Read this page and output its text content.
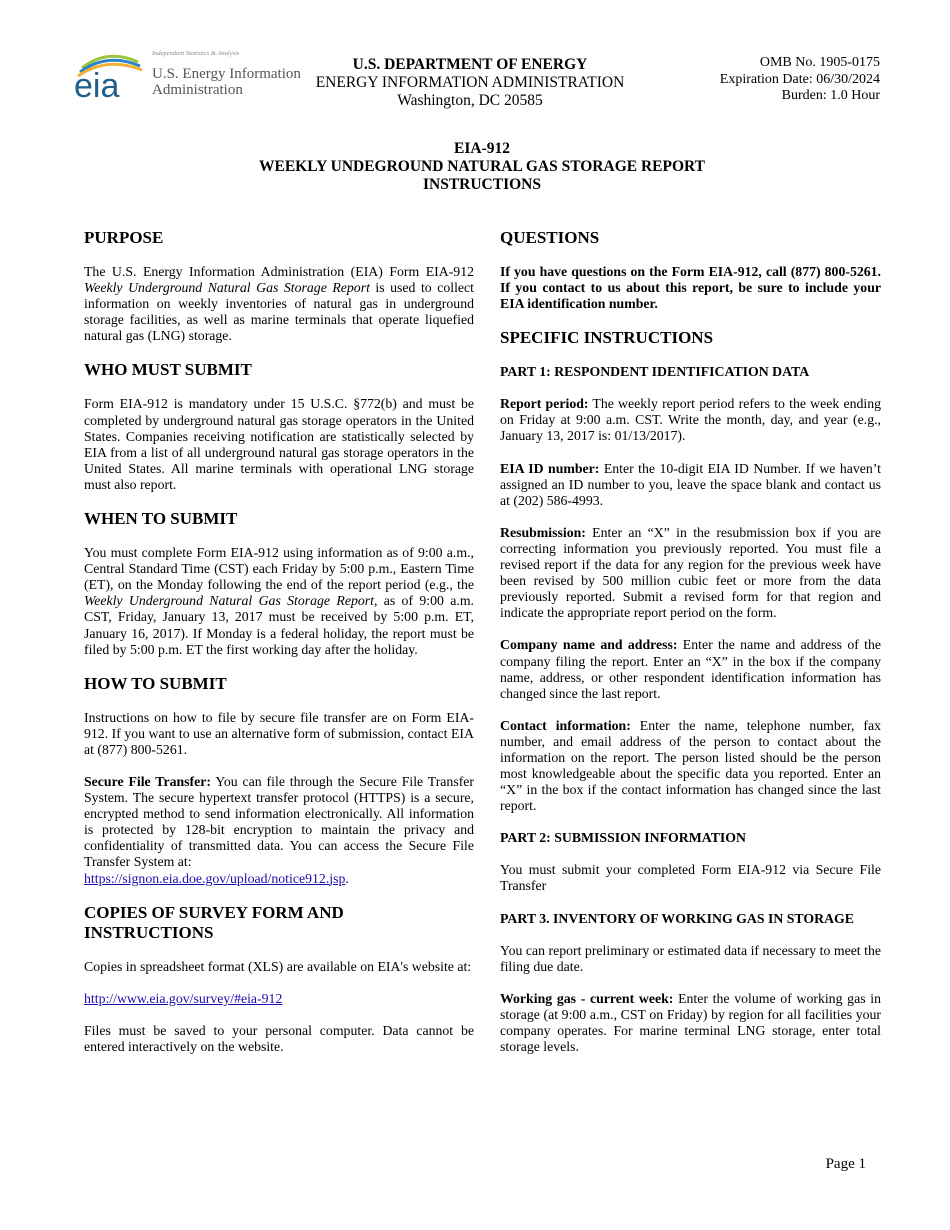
eia
Independent Statistics & Analysis
U.S. Energy Information
Administration
U.S. DEPARTMENT OF ENERGY
ENERGY INFORMATION ADMINISTRATION
Washington, DC 20585
OMB No. 1905-0175
Expiration Date: 06/30/2024
Burden: 1.0 Hour
EIA-912
WEEKLY UNDEGROUND NATURAL GAS STORAGE REPORT
INSTRUCTIONS
PURPOSE

The U.S. Energy Information Administration (EIA) Form EIA-912 Weekly Underground Natural Gas Storage Report is used to collect information on weekly inventories of natural gas in underground storage facilities, as well as marine terminals that operate liquefied natural gas (LNG) storage.

WHO MUST SUBMIT

Form EIA-912 is mandatory under 15 U.S.C. §772(b) and must be completed by underground natural gas storage operators in the United States. Companies receiving notification are statistically selected by EIA from a list of all underground natural gas storage operators in the United States. All marine terminals with operational LNG storage must also report.

WHEN TO SUBMIT

You must complete Form EIA-912 using information as of 9:00 a.m., Central Standard Time (CST) each Friday by 5:00 p.m., Eastern Time (ET), on the Monday following the end of the report period (e.g., the Weekly Underground Natural Gas Storage Report, as of 9:00 a.m. CST, Friday, January 13, 2017 must be received by 5:00 p.m. ET, January 16, 2017). If Monday is a federal holiday, the report must be filed by 5:00 p.m. ET the first working day after the holiday.

HOW TO SUBMIT

Instructions on how to file by secure file transfer are on Form EIA-912. If you want to use an alternative form of submission, contact EIA at (877) 800-5261.

Secure File Transfer: You can file through the Secure File Transfer System. The secure hypertext transfer protocol (HTTPS) is a secure, encrypted method to send information electronically. All information is protected by 128-bit encryption to maintain the privacy and confidentiality of transmitted data. You can access the Secure File Transfer System at:
https://signon.eia.doe.gov/upload/notice912.jsp.

COPIES OF SURVEY FORM AND
INSTRUCTIONS

Copies in spreadsheet format (XLS) are available on EIA's website at:

http://www.eia.gov/survey/#eia-912

Files must be saved to your personal computer. Data cannot be entered interactively on the website.

QUESTIONS

If you have questions on the Form EIA-912, call (877) 800-5261. If you contact to us about this report, be sure to include your EIA identification number.

SPECIFIC INSTRUCTIONS
PART 1: RESPONDENT IDENTIFICATION DATA

Report period: The weekly report period refers to the week ending on Friday at 9:00 a.m. CST. Write the month, day, and year (e.g., January 13, 2017 is: 01/13/2017).

EIA ID number: Enter the 10-digit EIA ID Number. If we haven’t assigned an ID number to you, leave the space blank and contact us at (202) 586-4993.

Resubmission: Enter an “X” in the resubmission box if you are correcting information you previously reported. You must file a revised report if the data for any region for the previous week have been revised by 500 million cubic feet or more from the data previously reported. Submit a revised form for that region and indicate the appropriate report period on the form.

Company name and address: Enter the name and address of the company filing the report. Enter an “X” in the box if the company name, address, or other respondent identification information has changed since the last report.

Contact information: Enter the name, telephone number, fax number, and email address of the person to contact about the information on the report. The person listed should be the person most knowledgeable about the specific data you reported. Enter an “X” in the box if the contact information has changed since the last report.

PART 2: SUBMISSION INFORMATION

You must submit your completed Form EIA-912 via Secure File Transfer

PART 3. INVENTORY OF WORKING GAS IN STORAGE

You can report preliminary or estimated data if necessary to meet the filing due date.

Working gas - current week: Enter the volume of working gas in storage (at 9:00 a.m., CST on Friday) by region for all facilities your company operates. For marine terminal LNG storage, enter total storage levels.

Page 1
